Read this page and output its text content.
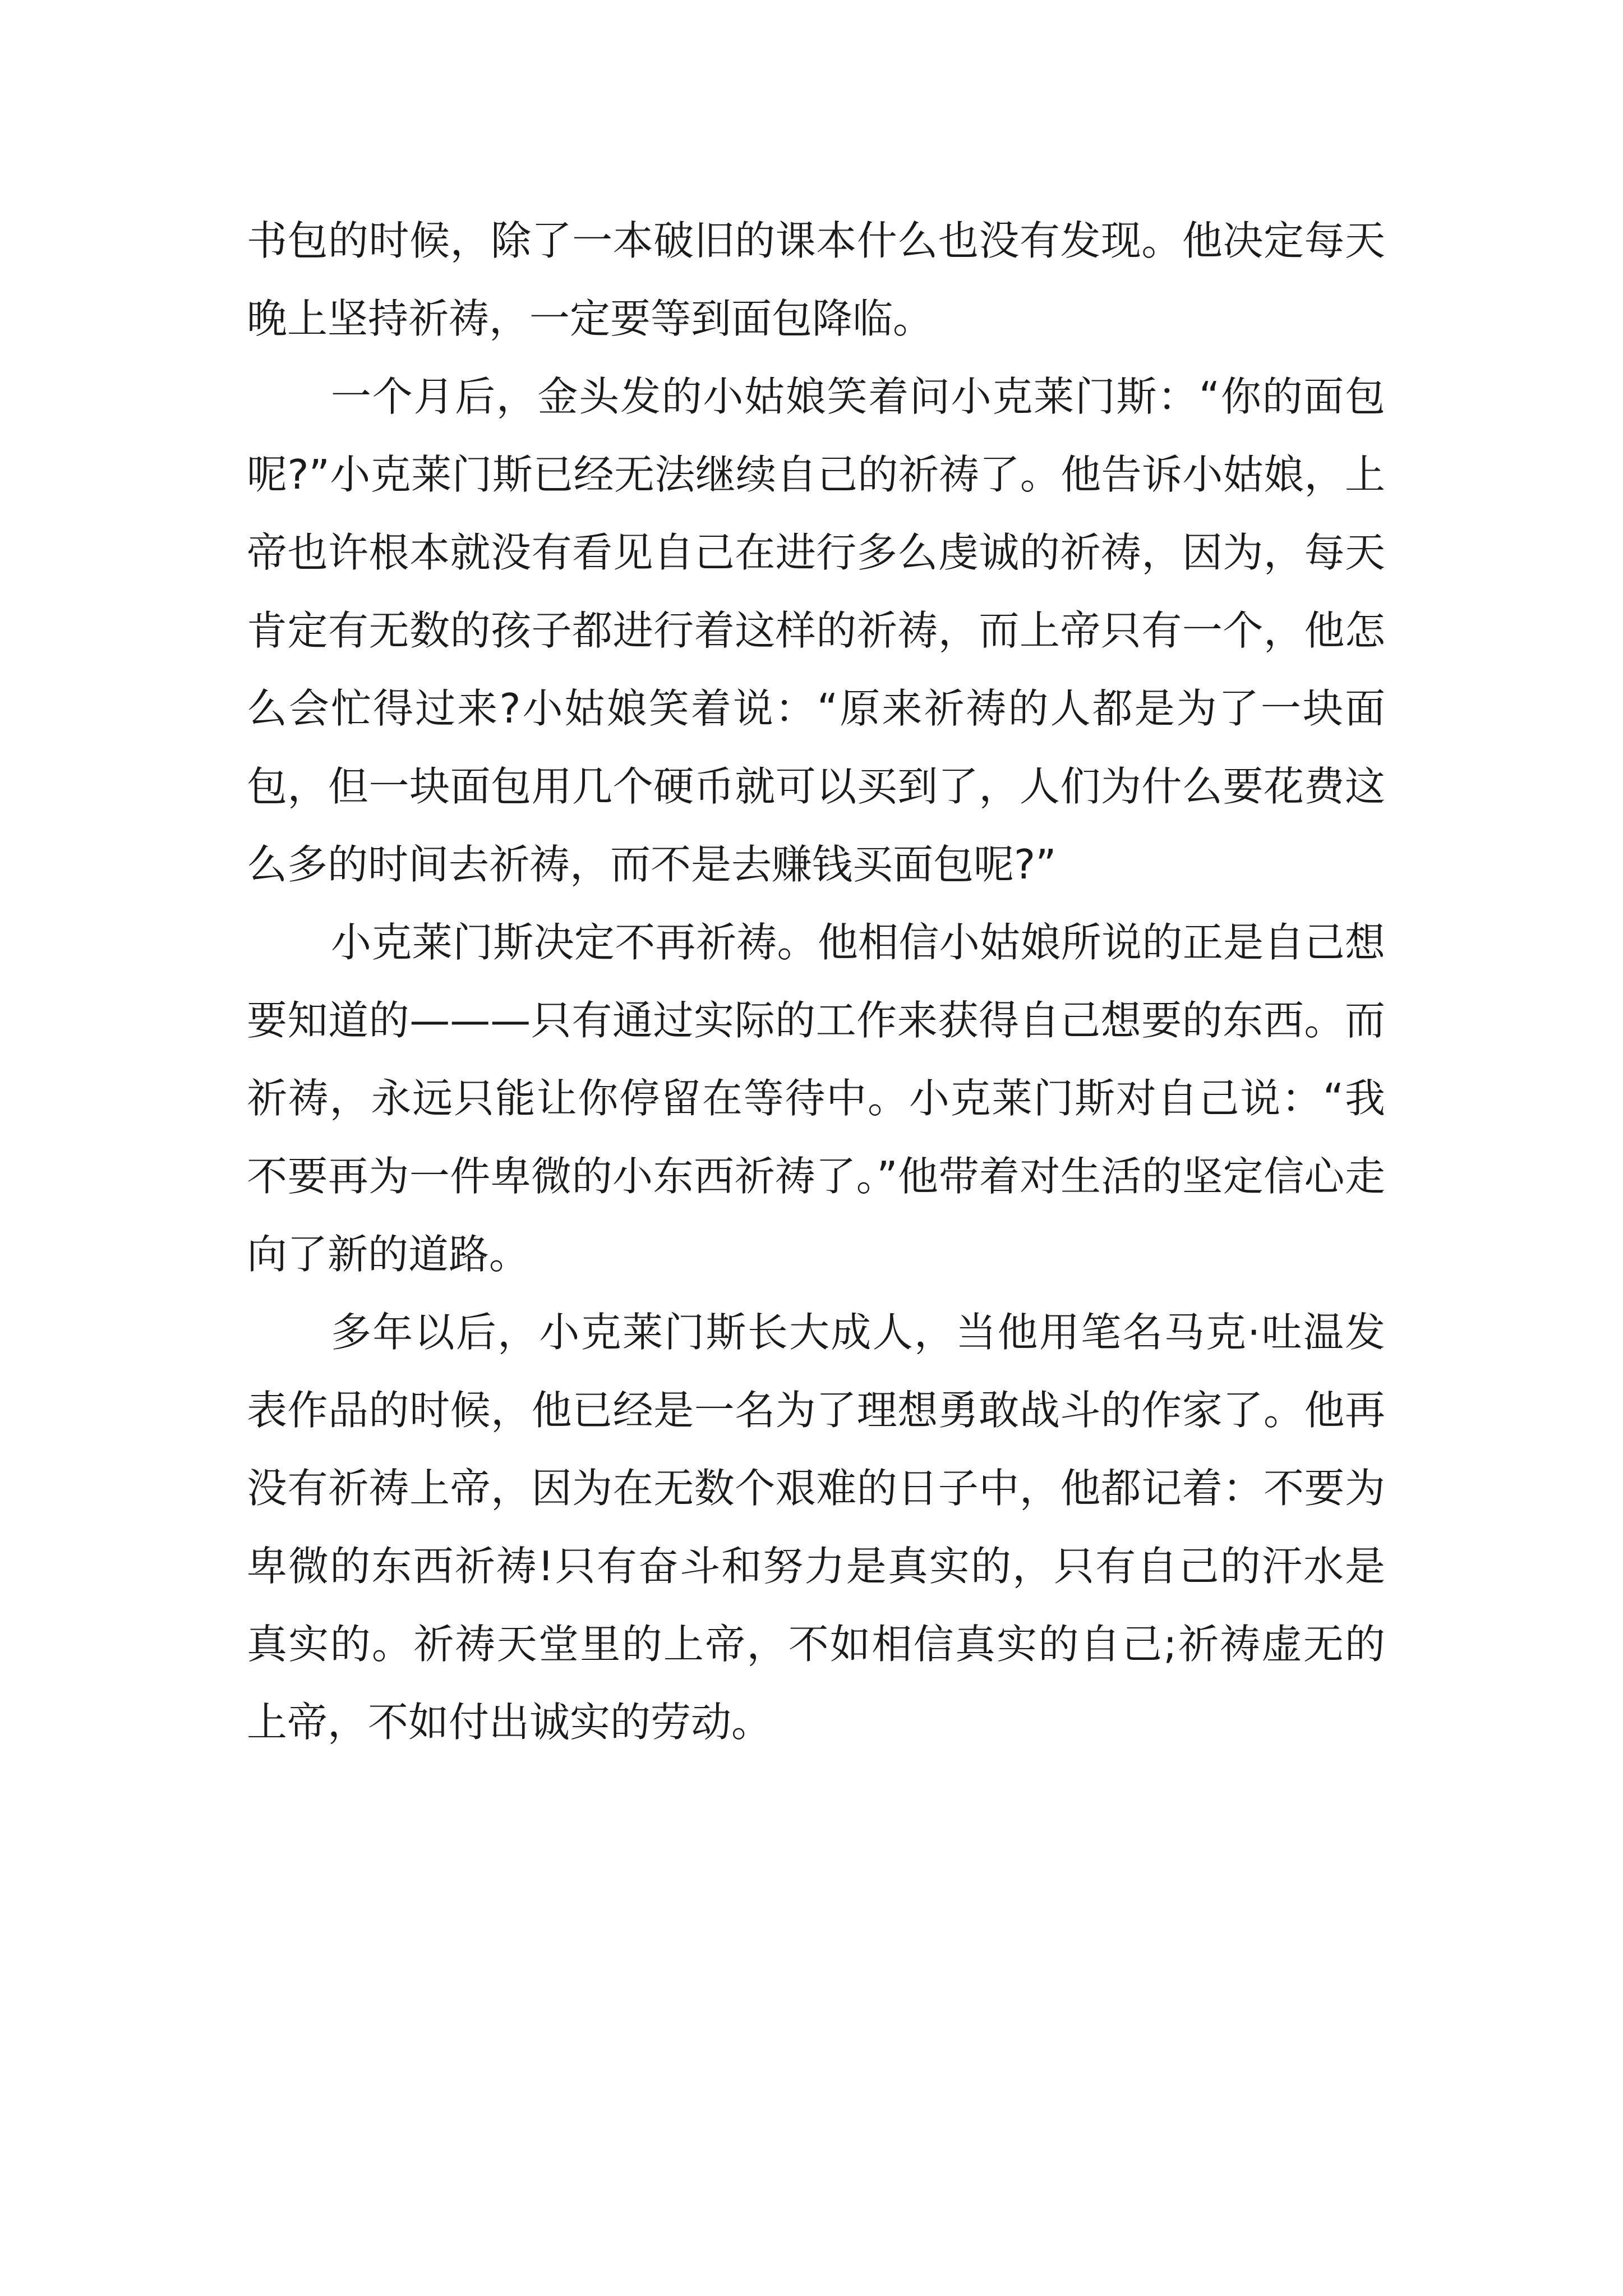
书包的时候，除了一本破旧的课本什么也没有发现。他决定每天晚上坚持祈祷，一定要等到面包降临。

一个月后，金头发的小姑娘笑着问小克莱门斯：“你的面包呢?”小克莱门斯已经无法继续自己的祈祷了。他告诉小姑娘，上帝也许根本就没有看见自己在进行多么虔诚的祈祷，因为，每天肯定有无数的孩子都进行着这样的祈祷，而上帝只有一个，他怎么会忙得过来?小姑娘笑着说：“原来祈祷的人都是为了一块面包，但一块面包用几个硬币就可以买到了，人们为什么要花费这么多的时间去祈祷，而不是去赚钱买面包呢?”

小克莱门斯决定不再祈祷。他相信小姑娘所说的正是自己想要知道的———只有通过实际的工作来获得自己想要的东西。而祈祷，永远只能让你停留在等待中。小克莱门斯对自己说：“我不要再为一件卑微的小东西祈祷了。”他带着对生活的坚定信心走向了新的道路。

多年以后，小克莱门斯长大成人，当他用笔名马克·吐温发表作品的时候，他已经是一名为了理想勇敢战斗的作家了。他再没有祈祷上帝，因为在无数个艰难的日子中，他都记着：不要为卑微的东西祈祷!只有奋斗和努力是真实的，只有自己的汗水是真实的。祈祷天堂里的上帝，不如相信真实的自己;祈祷虚无的上帝，不如付出诚实的劳动。
